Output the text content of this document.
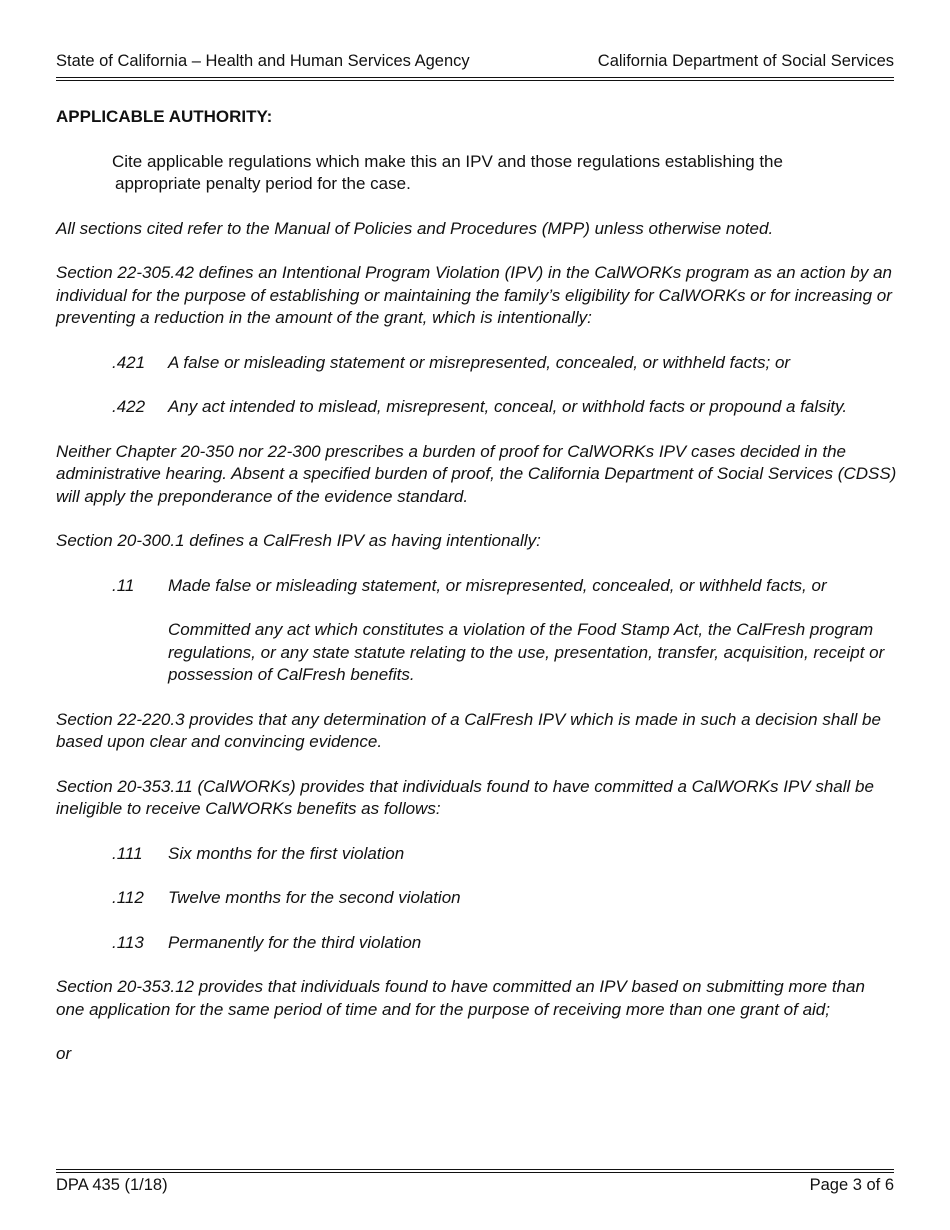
State of California – Health and Human Services Agency	California Department of Social Services

APPLICABLE AUTHORITY:

Cite applicable regulations which make this an IPV and those regulations establishing the
appropriate penalty period for the case.

All sections cited refer to the Manual of Policies and Procedures (MPP) unless otherwise noted.

Section 22-305.42 defines an Intentional Program Violation (IPV) in the CalWORKs program as an action by an individual for the purpose of establishing or maintaining the family’s eligibility for CalWORKs or for increasing or preventing a reduction in the amount of the grant, which is intentionally:

.421 A false or misleading statement or misrepresented, concealed, or withheld facts; or
.422 Any act intended to mislead, misrepresent, conceal, or withhold facts or propound a falsity.

Neither Chapter 20-350 nor 22-300 prescribes a burden of proof for CalWORKs IPV cases decided in the administrative hearing. Absent a specified burden of proof, the California Department of Social Services (CDSS) will apply the preponderance of the evidence standard.

Section 20-300.1 defines a CalFresh IPV as having intentionally:

.11 Made false or misleading statement, or misrepresented, concealed, or withheld facts, or
Committed any act which constitutes a violation of the Food Stamp Act, the CalFresh program regulations, or any state statute relating to the use, presentation, transfer, acquisition, receipt or possession of CalFresh benefits.

Section 22-220.3 provides that any determination of a CalFresh IPV which is made in such a decision shall be based upon clear and convincing evidence.

Section 20-353.11 (CalWORKs) provides that individuals found to have committed a CalWORKs IPV shall be ineligible to receive CalWORKs benefits as follows:

.111 Six months for the first violation
.112 Twelve months for the second violation
.113 Permanently for the third violation

Section 20-353.12 provides that individuals found to have committed an IPV based on submitting more than one application for the same period of time and for the purpose of receiving more than one grant of aid;

or

DPA 435 (1/18)	Page 3 of 6
